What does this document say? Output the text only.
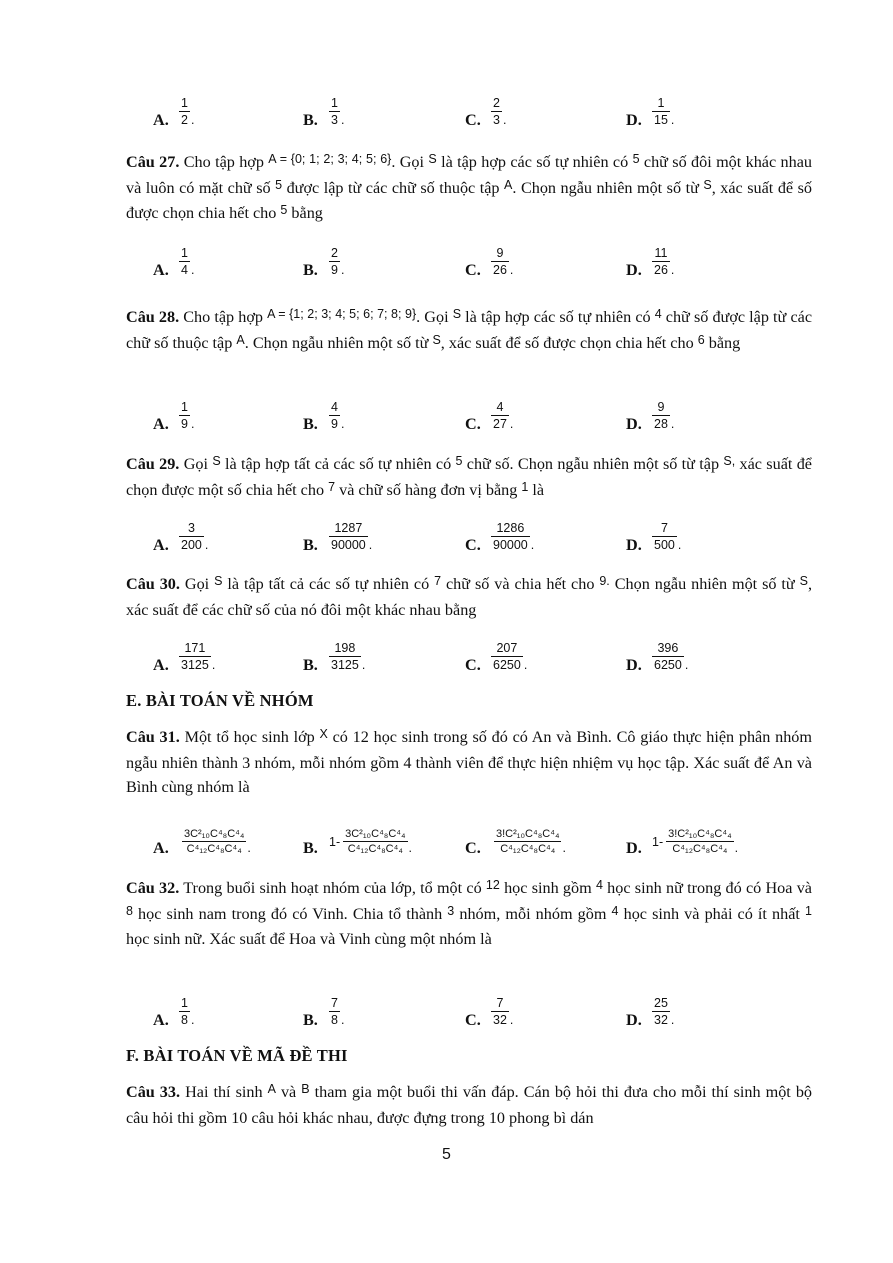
A. $\frac{1}{2}$ .	B. $\frac{1}{3}$ .	C. $\frac{2}{3}$ .	D. $\frac{1}{15}$ .
Câu 27. Cho tập hợp $^{A = \{0; 1; 2; 3; 4; 5; 6\}}$. Gọi $^S$ là tập hợp các số tự nhiên có $^5$ chữ số đôi một khác nhau và luôn có mặt chữ số $^5$ được lập từ các chữ số thuộc tập $^A$. Chọn ngẫu nhiên một số từ $^S$, xác suất để số được chọn chia hết cho $^5$ bằng
A. $\frac{1}{4}$ .	B. $\frac{2}{9}$ .	C. $\frac{9}{26}$ .	D. $\frac{11}{26}$ .
Câu 28. Cho tập hợp $^{A = \{1; 2; 3; 4; 5; 6; 7; 8; 9\}}$. Gọi $^S$ là tập hợp các số tự nhiên có $^4$ chữ số được lập từ các chữ số thuộc tập $^A$. Chọn ngẫu nhiên một số từ $^S$, xác suất để số được chọn chia hết cho $^6$ bằng
A. $\frac{1}{9}$ .	B. $\frac{4}{9}$ .	C. $\frac{4}{27}$ .	D. $\frac{9}{28}$ .
Câu 29. Gọi $^S$ là tập hợp tất cả các số tự nhiên có $^5$ chữ số. Chọn ngẫu nhiên một số từ tập $^{S,}$ xác suất để chọn được một số chia hết cho $^7$ và chữ số hàng đơn vị bằng $^1$ là
A. $\frac{3}{200}$ .	B. $\frac{1287}{90000}$ .	C. $\frac{1286}{90000}$ .	D. $\frac{7}{500}$ .
Câu 30. Gọi $^S$ là tập tất cả các số tự nhiên có $^7$ chữ số và chia hết cho $^{9.}$ Chọn ngẫu nhiên một số từ $^S$, xác suất để các chữ số của nó đôi một khác nhau bằng
A. $\frac{171}{3125}$ .	B. $\frac{198}{3125}$ .	C. $\frac{207}{6250}$ .	D. $\frac{396}{6250}$ .
E. BÀI TOÁN VỀ NHÓM
Câu 31. Một tổ học sinh lớp $^X$ có 12 học sinh trong số đó có An và Bình. Cô giáo thực hiện phân nhóm ngẫu nhiên thành 3 nhóm, mỗi nhóm gồm 4 thành viên để thực hiện nhiệm vụ học tập. Xác suất để An và Bình cùng nhóm là
A. $\frac{\text{3C²₁₀C⁴₈C⁴₄}}{\text{C⁴₁₂C⁴₈C⁴₄}}$ .	B. $1- \frac{\text{3C²₁₀C⁴₈C⁴₄}}{\text{C⁴₁₂C⁴₈C⁴₄}}$ .	C. $\frac{\text{3!C²₁₀C⁴₈C⁴₄}}{\text{C⁴₁₂C⁴₈C⁴₄}}$ .	D. $1- \frac{\text{3!C²₁₀C⁴₈C⁴₄}}{\text{C⁴₁₂C⁴₈C⁴₄}}$ .
Câu 32. Trong buổi sinh hoạt nhóm của lớp, tổ một có $^{12}$ học sinh gồm $^4$ học sinh nữ trong đó có Hoa và $^8$ học sinh nam trong đó có Vinh. Chia tổ thành $^3$ nhóm, mỗi nhóm gồm $^4$ học sinh và phải có ít nhất $^1$ học sinh nữ. Xác suất để Hoa và Vinh cùng một nhóm là
A. $\frac{1}{8}$ .	B. $\frac{7}{8}$ .	C. $\frac{7}{32}$ .	D. $\frac{25}{32}$ .
F. BÀI TOÁN VỀ MÃ ĐỀ THI
Câu 33. Hai thí sinh $^A$ và $^B$ tham gia một buổi thi vấn đáp. Cán bộ hỏi thi đưa cho mỗi thí sinh một bộ câu hỏi thi gồm 10 câu hỏi khác nhau, được đựng trong 10 phong bì dán
5
